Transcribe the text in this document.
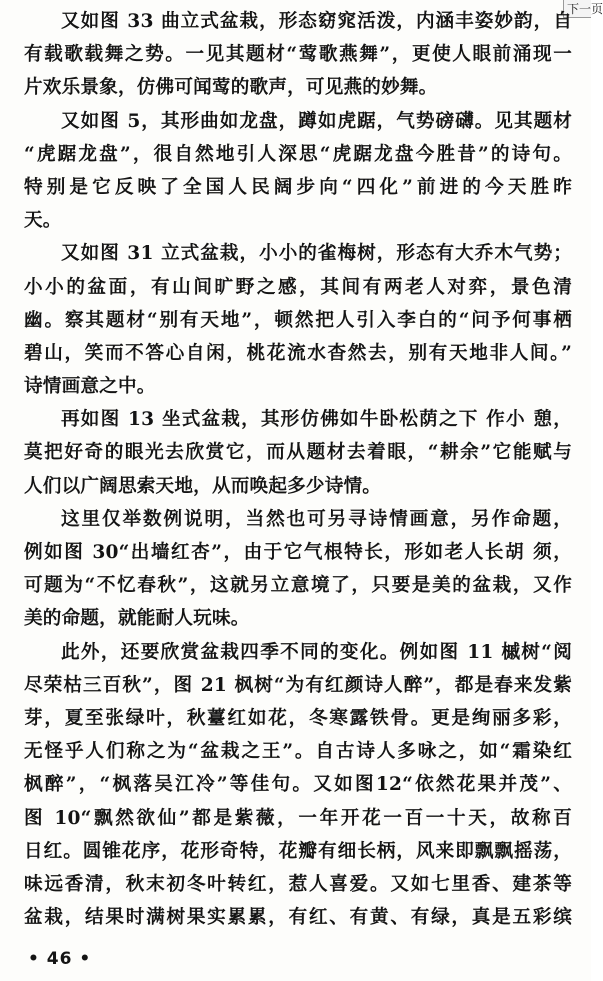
下一页
又如图 33 曲立式盆栽，形态窈窕活泼，内涵丰姿妙韵，自
有载歌载舞之势。一见其题材“莺歌燕舞”，更使人眼前涌现一
片欢乐景象，仿佛可闻莺的歌声，可见燕的妙舞。
又如图 5，其形曲如龙盘，蹲如虎踞，气势磅礴。见其题材
“虎踞龙盘”，很自然地引人深思“虎踞龙盘今胜昔”的诗句。
特别是它反映了全国人民阔步向“四化”前进的今天胜昨
天。
又如图 31 立式盆栽，小小的雀梅树，形态有大乔木气势；
小小的盆面，有山间旷野之感，其间有两老人对弈，景色清
幽。察其题材“别有天地”，顿然把人引入李白的“问予何事栖
碧山，笑而不答心自闲，桃花流水杳然去，别有天地非人间。”
诗情画意之中。
再如图 13 坐式盆栽，其形仿佛如牛卧松荫之下 作小 憩，
莫把好奇的眼光去欣赏它，而从题材去着眼，“耕余”它能赋与
人们以广阔思索天地，从而唤起多少诗情。
这里仅举数例说明，当然也可另寻诗情画意，另作命题，
例如图 30“出墙红杏”，由于它气根特长，形如老人长胡 须，
可题为“不忆春秋”，这就另立意境了，只要是美的盆栽，又作
美的命题，就能耐人玩味。
此外，还要欣赏盆栽四季不同的变化。例如图 11 槭树“阅
尽荣枯三百秋”，图 21 枫树“为有红颜诗人醉”，都是春来发紫
芽，夏至张绿叶，秋薹红如花，冬寒露铁骨。更是绚丽多彩，
无怪乎人们称之为“盆栽之王”。自古诗人多咏之，如“霜染红
枫醉”，“枫落吴江冷”等佳句。又如图12“依然花果并茂”、
图 10“飘然欲仙”都是紫薇，一年开花一百一十天，故称百
日红。圆锥花序，花形奇特，花瓣有细长柄，风来即飘飘摇荡，
味远香清，秋末初冬叶转红，惹人喜爱。又如七里香、建茶等
盆栽，结果时满树果实累累，有红、有黄、有绿，真是五彩缤
• 46 •
